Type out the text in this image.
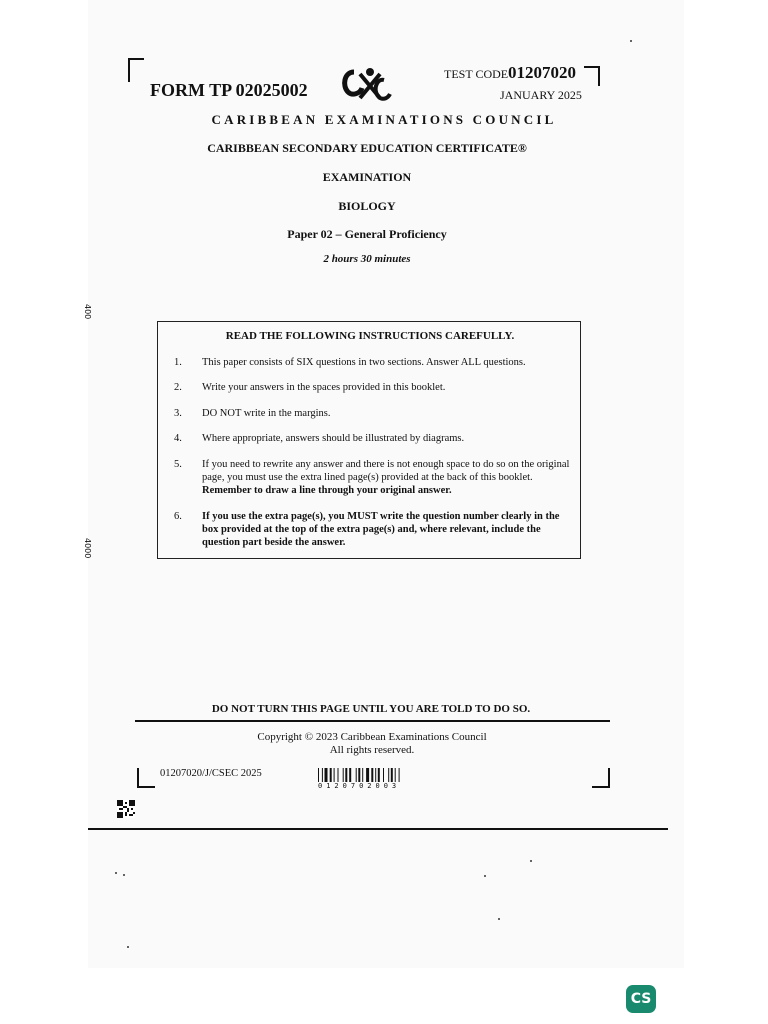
FORM TP 02025002
TEST CODE 01207020
JANUARY 2025
CARIBBEAN EXAMINATIONS COUNCIL
CARIBBEAN SECONDARY EDUCATION CERTIFICATE®
EXAMINATION
BIOLOGY
Paper 02 – General Proficiency
2 hours 30 minutes
400
4000
READ THE FOLLOWING INSTRUCTIONS CAREFULLY.
1.	This paper consists of SIX questions in two sections. Answer ALL questions.
2.	Write your answers in the spaces provided in this booklet.
3.	DO NOT write in the margins.
4.	Where appropriate, answers should be illustrated by diagrams.
5.	If you need to rewrite any answer and there is not enough space to do so on the original page, you must use the extra lined page(s) provided at the back of this booklet. Remember to draw a line through your original answer.
6.	If you use the extra page(s), you MUST write the question number clearly in the box provided at the top of the extra page(s) and, where relevant, include the question part beside the answer.
DO NOT TURN THIS PAGE UNTIL YOU ARE TOLD TO DO SO.
Copyright © 2023 Caribbean Examinations Council
All rights reserved.
01207020/J/CSEC 2025
0120702003
CS
